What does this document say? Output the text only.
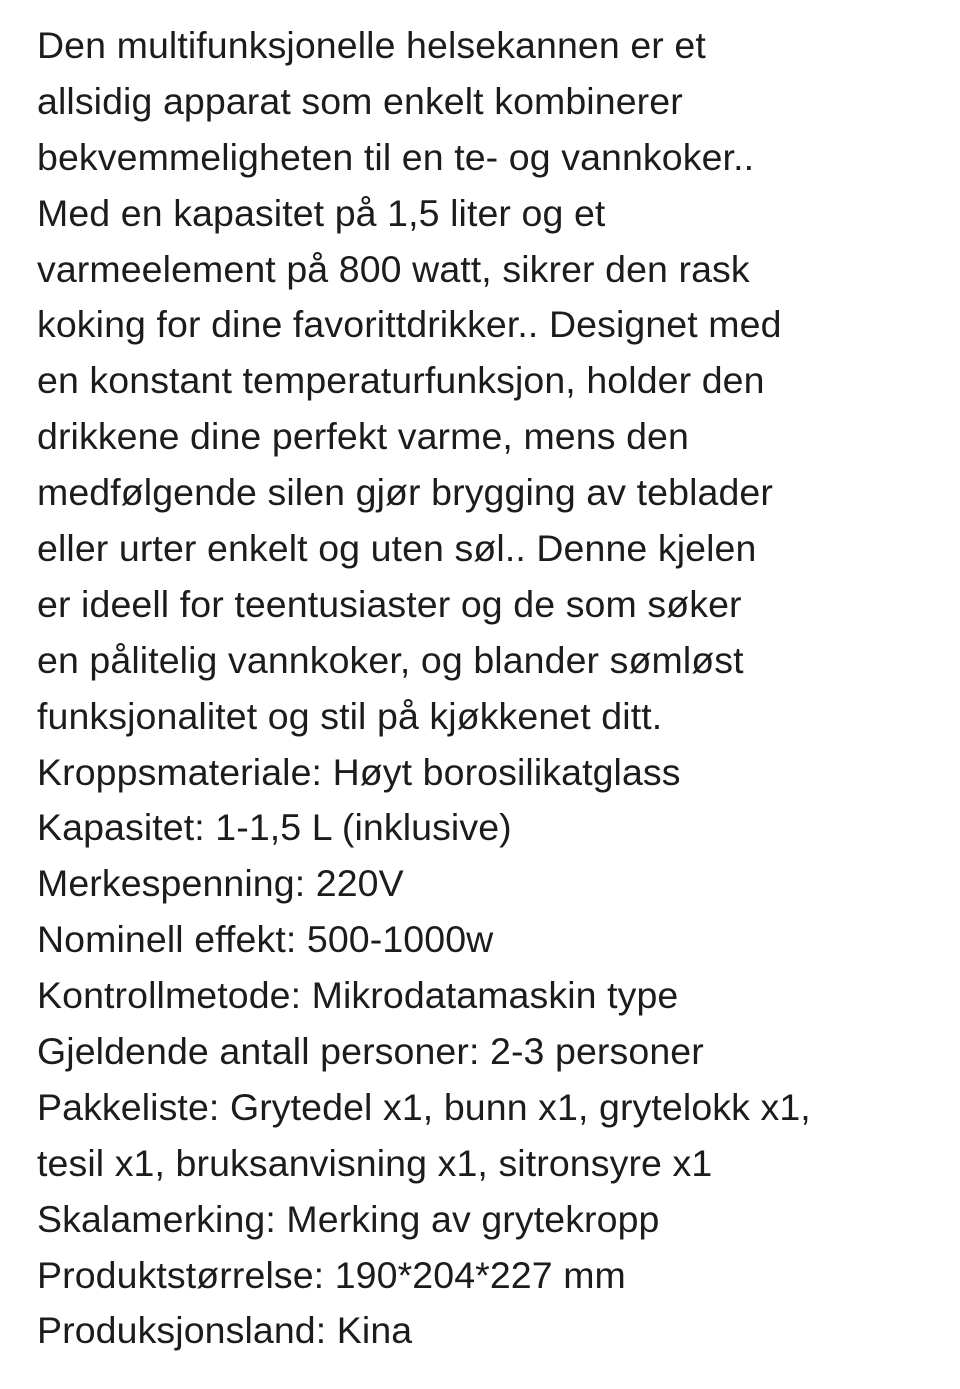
Den multifunksjonelle helsekannen er et
allsidig apparat som enkelt kombinerer
bekvemmeligheten til en te- og vannkoker..
Med en kapasitet på 1,5 liter og et
varmeelement på 800 watt, sikrer den rask
koking for dine favorittdrikker.. Designet med
en konstant temperaturfunksjon, holder den
drikkene dine perfekt varme, mens den
medfølgende silen gjør brygging av teblader
eller urter enkelt og uten søl.. Denne kjelen
er ideell for teentusiaster og de som søker
en pålitelig vannkoker, og blander sømløst
funksjonalitet og stil på kjøkkenet ditt.
Kroppsmateriale: Høyt borosilikatglass
Kapasitet: 1-1,5 L (inklusive)
Merkespenning: 220V
Nominell effekt: 500-1000w
Kontrollmetode: Mikrodatamaskin type
Gjeldende antall personer: 2-3 personer
Pakkeliste: Grytedel x1, bunn x1, grytelokk x1,
tesil x1, bruksanvisning x1, sitronsyre x1
Skalamerking: Merking av grytekropp
Produktstørrelse: 190*204*227 mm
Produksjonsland: Kina
